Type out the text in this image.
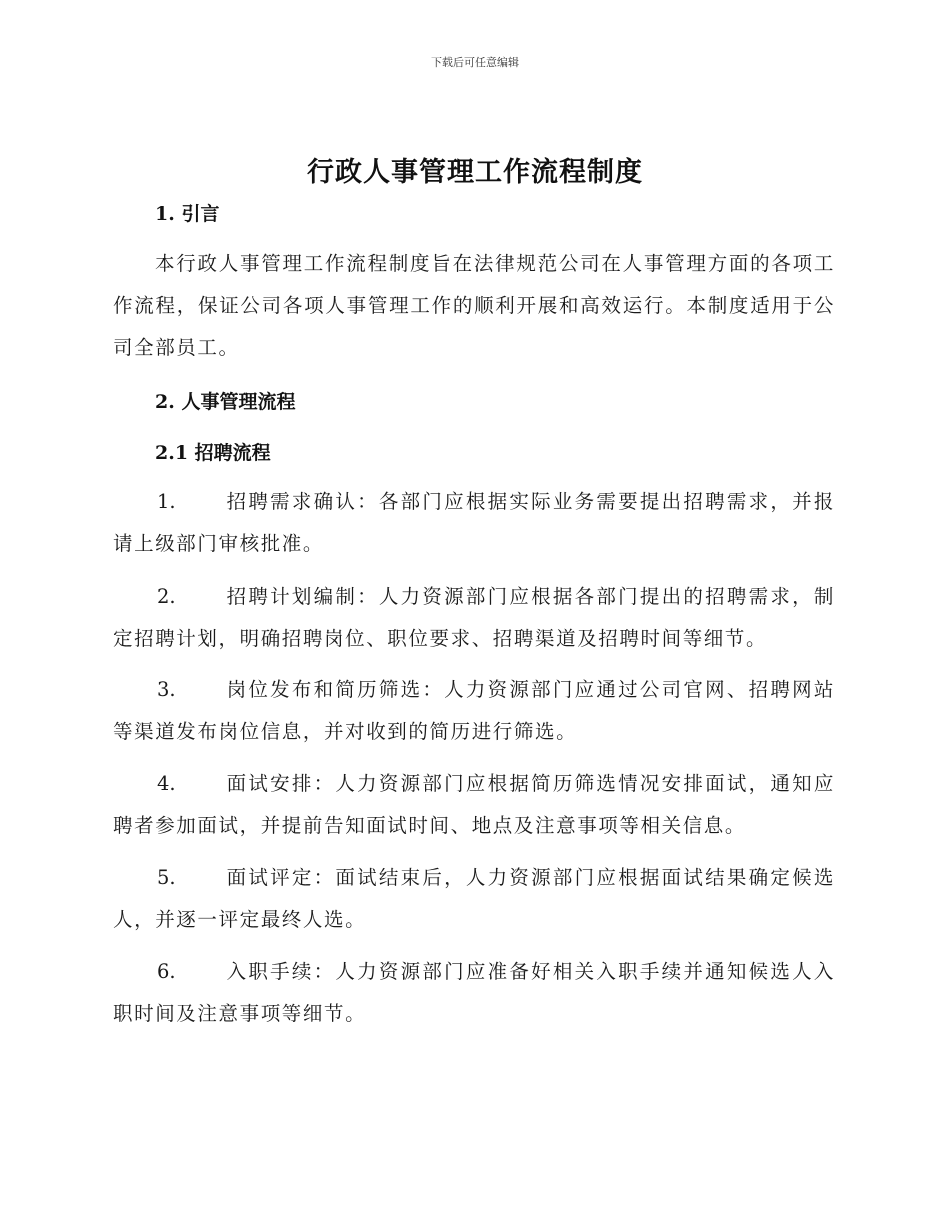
下载后可任意编辑
行政人事管理工作流程制度
1. 引言
本行政人事管理工作流程制度旨在法律规范公司在人事管理方面的各项工作流程，保证公司各项人事管理工作的顺利开展和高效运行。本制度适用于公司全部员工。
2. 人事管理流程
2.1 招聘流程
1.	招聘需求确认：各部门应根据实际业务需要提出招聘需求，并报请上级部门审核批准。
2.	招聘计划编制：人力资源部门应根据各部门提出的招聘需求，制定招聘计划，明确招聘岗位、职位要求、招聘渠道及招聘时间等细节。
3.	岗位发布和简历筛选：人力资源部门应通过公司官网、招聘网站等渠道发布岗位信息，并对收到的简历进行筛选。
4.	面试安排：人力资源部门应根据简历筛选情况安排面试，通知应聘者参加面试，并提前告知面试时间、地点及注意事项等相关信息。
5.	面试评定：面试结束后，人力资源部门应根据面试结果确定候选人，并逐一评定最终人选。
6.	入职手续：人力资源部门应准备好相关入职手续并通知候选人入职时间及注意事项等细节。
